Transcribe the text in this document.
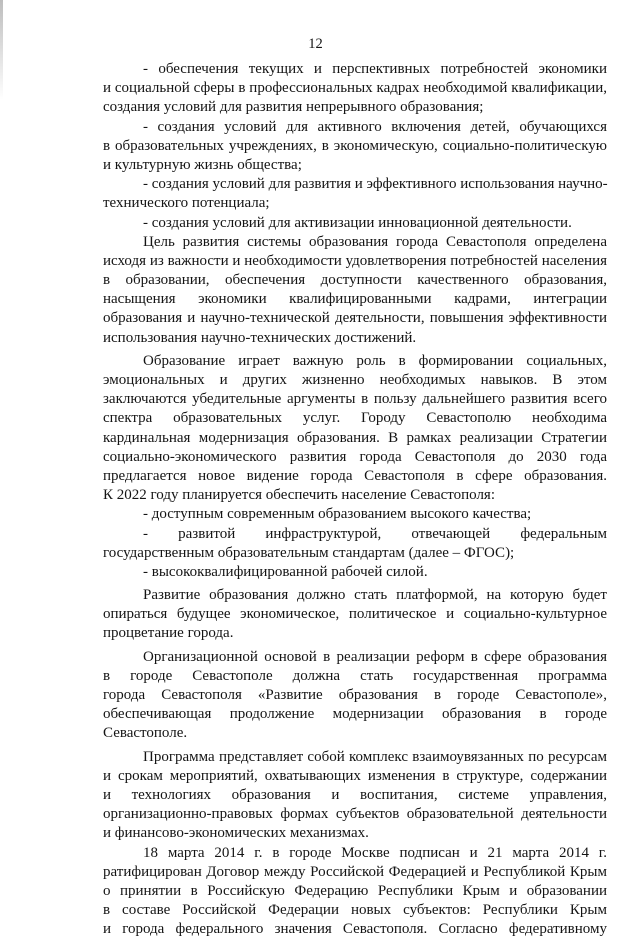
12
- обеспечения текущих и перспективных потребностей экономики
и социальной сферы в профессиональных кадрах необходимой квалификации,
создания условий для развития непрерывного образования;
- создания условий для активного включения детей, обучающихся
в образовательных учреждениях, в экономическую, социально-политическую
и культурную жизнь общества;
- создания условий для развития и эффективного использования научно-
технического потенциала;
- создания условий для активизации инновационной деятельности.
Цель развития системы образования города Севастополя определена
исходя из важности и необходимости удовлетворения потребностей населения
в образовании, обеспечения доступности качественного образования,
насыщения экономики квалифицированными кадрами, интеграции
образования и научно-технической деятельности, повышения эффективности
использования научно-технических достижений.
Образование играет важную роль в формировании социальных,
эмоциональных и других жизненно необходимых навыков. В этом
заключаются убедительные аргументы в пользу дальнейшего развития всего
спектра образовательных услуг. Городу Севастополю необходима
кардинальная модернизация образования. В рамках реализации Стратегии
социально-экономического развития города Севастополя до 2030 года
предлагается новое видение города Севастополя в сфере образования.
К 2022 году планируется обеспечить население Севастополя:
- доступным современным образованием высокого качества;
- развитой инфраструктурой, отвечающей федеральным
государственным образовательным стандартам (далее – ФГОС);
- высококвалифицированной рабочей силой.
Развитие образования должно стать платформой, на которую будет
опираться будущее экономическое, политическое и социально-культурное
процветание города.
Организационной основой в реализации реформ в сфере образования
в городе Севастополе должна стать государственная программа
города Севастополя «Развитие образования в городе Севастополе»,
обеспечивающая продолжение модернизации образования в городе
Севастополе.
Программа представляет собой комплекс взаимоувязанных по ресурсам
и срокам мероприятий, охватывающих изменения в структуре, содержании
и технологиях образования и воспитания, системе управления,
организационно-правовых формах субъектов образовательной деятельности
и финансово-экономических механизмах.
18 марта 2014 г. в городе Москве подписан и 21 марта 2014 г.
ратифицирован Договор между Российской Федерацией и Республикой Крым
о принятии в Российскую Федерацию Республики Крым и образовании
в составе Российской Федерации новых субъектов: Республики Крым
и города федерального значения Севастополя. Согласно федеративному
